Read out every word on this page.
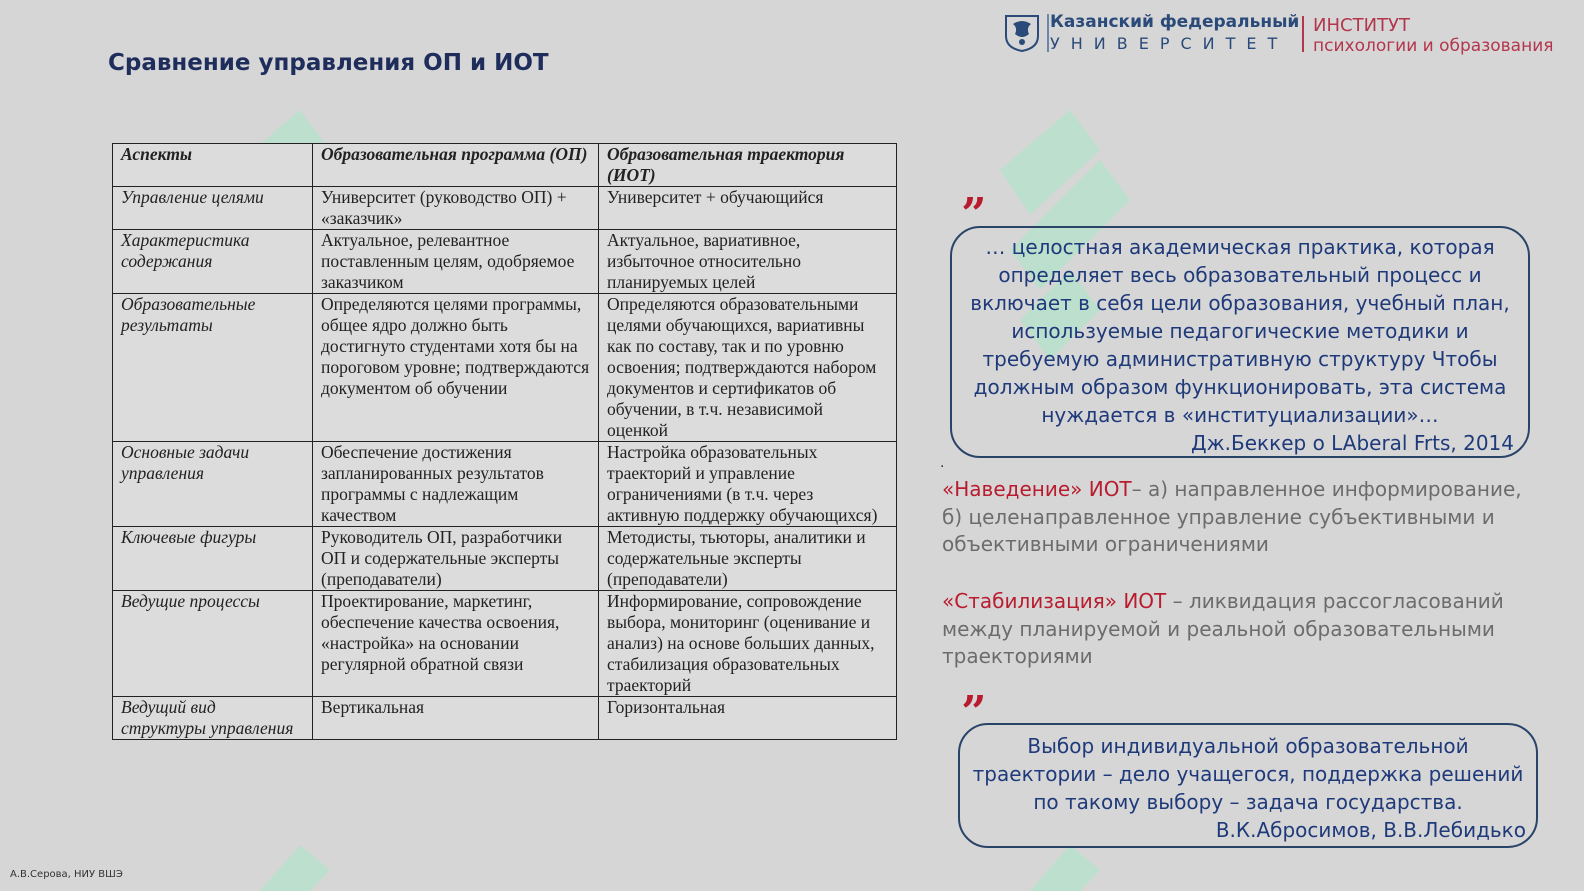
Сравнение управления ОП и ИОТ
Казанский федеральный
УНИВЕРСИТЕТ
ИНСТИТУТ
психологии и образования
Аспекты	Образовательная программа (ОП)	Образовательная траектория (ИОТ)
Управление целями	Университет (руководство ОП) + «заказчик»	Университет + обучающийся
Характеристика содержания	Актуальное, релевантное поставленным целям, одобряемое заказчиком	Актуальное, вариативное, избыточное относительно планируемых целей
Образовательные результаты	Определяются целями программы, общее ядро должно быть достигнуто студентами хотя бы на пороговом уровне; подтверждаются документом об обучении	Определяются образовательными целями обучающихся, вариативны как по составу, так и по уровню освоения; подтверждаются набором документов и сертификатов об обучении, в т.ч. независимой оценкой
Основные задачи управления	Обеспечение достижения запланированных результатов программы с надлежащим качеством	Настройка образовательных траекторий и управление ограничениями (в т.ч. через активную поддержку обучающихся)
Ключевые фигуры	Руководитель ОП, разработчики ОП и содержательные эксперты (преподаватели)	Методисты, тьюторы, аналитики и содержательные эксперты (преподаватели)
Ведущие процессы	Проектирование, маркетинг, обеспечение качества освоения, «настройка» на основании регулярной обратной связи	Информирование, сопровождение выбора, мониторинг (оценивание и анализ) на основе больших данных, стабилизация образовательных траекторий
Ведущий вид структуры управления	Вертикальная	Горизонтальная
„
… целостная академическая практика, которая определяет весь образовательный процесс и включает в себя цели образования, учебный план, используемые педагогические методики и требуемую административную структуру Чтобы должным образом функционировать, эта система нуждается в «институциализации»…
Дж.Беккер о LAberal Frts, 2014
.
«Наведение» ИОТ– а) направленное информирование, б) целенаправленное управление субъективными и объективными ограничениями
«Стабилизация» ИОТ – ликвидация рассогласований между планируемой и реальной образовательными траекториями
„
Выбор индивидуальной образовательной траектории – дело учащегося, поддержка решений по такому выбору – задача государства.
В.К.Абросимов, В.В.Лебидько
А.В.Серова, НИУ ВШЭ
